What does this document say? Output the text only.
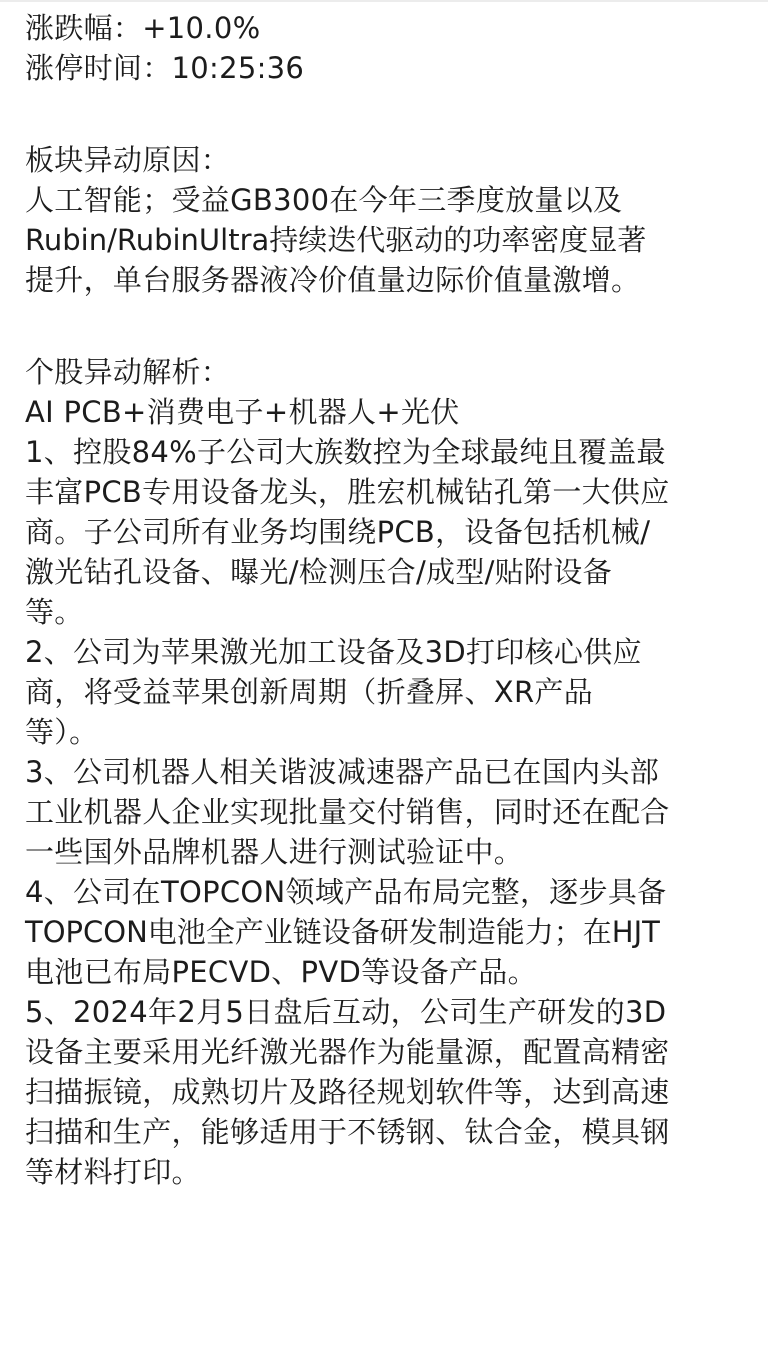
涨跌幅：+10.0%
涨停时间：10:25:36
板块异动原因：
人工智能；受益GB300在今年三季度放量以及
Rubin/RubinUltra持续迭代驱动的功率密度显著
提升，单台服务器液冷价值量边际价值量激增。
个股异动解析：
AI PCB+消费电子+机器人+光伏
1、控股84%子公司大族数控为全球最纯且覆盖最
丰富PCB专用设备龙头，胜宏机械钻孔第一大供应
商。子公司所有业务均围绕PCB，设备包括机械/
激光钻孔设备、曝光/检测压合/成型/贴附设备
等。
2、公司为苹果激光加工设备及3D打印核心供应
商，将受益苹果创新周期（折叠屏、XR产品
等）。
3、公司机器人相关谐波减速器产品已在国内头部
工业机器人企业实现批量交付销售，同时还在配合
一些国外品牌机器人进行测试验证中。
4、公司在TOPCON领域产品布局完整，逐步具备
TOPCON电池全产业链设备研发制造能力；在HJT
电池已布局PECVD、PVD等设备产品。
5、2024年2月5日盘后互动，公司生产研发的3D
设备主要采用光纤激光器作为能量源，配置高精密
扫描振镜，成熟切片及路径规划软件等，达到高速
扫描和生产，能够适用于不锈钢、钛合金，模具钢
等材料打印。
